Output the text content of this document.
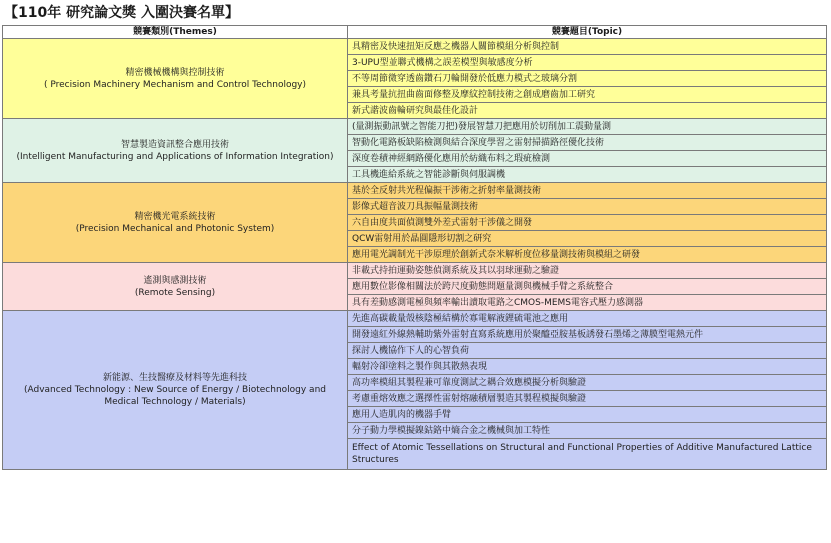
【110年 研究論文獎 入圍決賽名單】
競賽類別(Themes)	競賽題目(Topic)

精密機械機構與控制技術
( Precision Machinery Mechanism and Control Technology)	具精密及快速扭矩反應之機器人關節模組分析與控制
	3-UPU型並聯式機構之誤差模型與敏感度分析
	不等周節微穿透齒鑽石刀輪開發於低應力模式之玻璃分割
	兼具考量抗扭曲齒面修整及摩紋控制技術之創成磨齒加工研究
	新式諧波齒輪研究與最佳化設計

智慧製造資訊整合應用技術
(Intelligent Manufacturing and Applications of Information Integration)	(量測振動訊號之智能刀把)發展智慧刀把應用於切削加工震動量測
	智動化電路板缺陷檢測與結合深度學習之雷射掃描路徑優化技術
	深度卷積神經網路優化應用於紡織布料之瑕疵檢測
	工具機進給系統之智能診斷與伺服調機

精密機光電系統技術
(Precision Mechanical and Photonic System)	基於全反射共光程偏振干涉術之折射率量測技術
	影像式超音波刀具振幅量測技術
	六自由度共面偵測雙外差式雷射干涉儀之開發
	QCW雷射用於晶圓隱形切割之研究
	應用電光調制光干涉原理於創新式奈米解析度位移量測技術與模組之研發

遙測與感測技術
(Remote Sensing)	非載式持拍運動姿態偵測系統及其以羽球運動之驗證
	應用數位影像相關法於跨尺度動態問題量測與機械手臂之系統整合
	具有差動感測電極與頻率輸出讀取電路之CMOS-MEMS電容式壓力感測器

新能源、生技醫療及材料等先進科技
(Advanced Technology : New Source of Energy / Biotechnology and Medical Technology / Materials)	先進高碳載量殼核陰極結構於寡電解液鋰硫電池之應用
	開發遠紅外線熱輔助紫外雷射直寫系統應用於聚醯亞胺基板誘發石墨烯之薄膜型電熱元件
	探討人機協作下人的心智負荷
	輻射冷卻塗料之製作與其散熱表現
	高功率模組其製程兼可靠度測試之耦合效應模擬分析與驗證
	考慮重熔效應之選擇性雷射熔融積層製造其製程模擬與驗證
	應用人造肌肉的機器手臂
	分子動力學模擬鎳鈷鉻中熵合金之機械與加工特性
	Effect of Atomic Tessellations on Structural and Functional Properties of Additive Manufactured Lattice Structures
